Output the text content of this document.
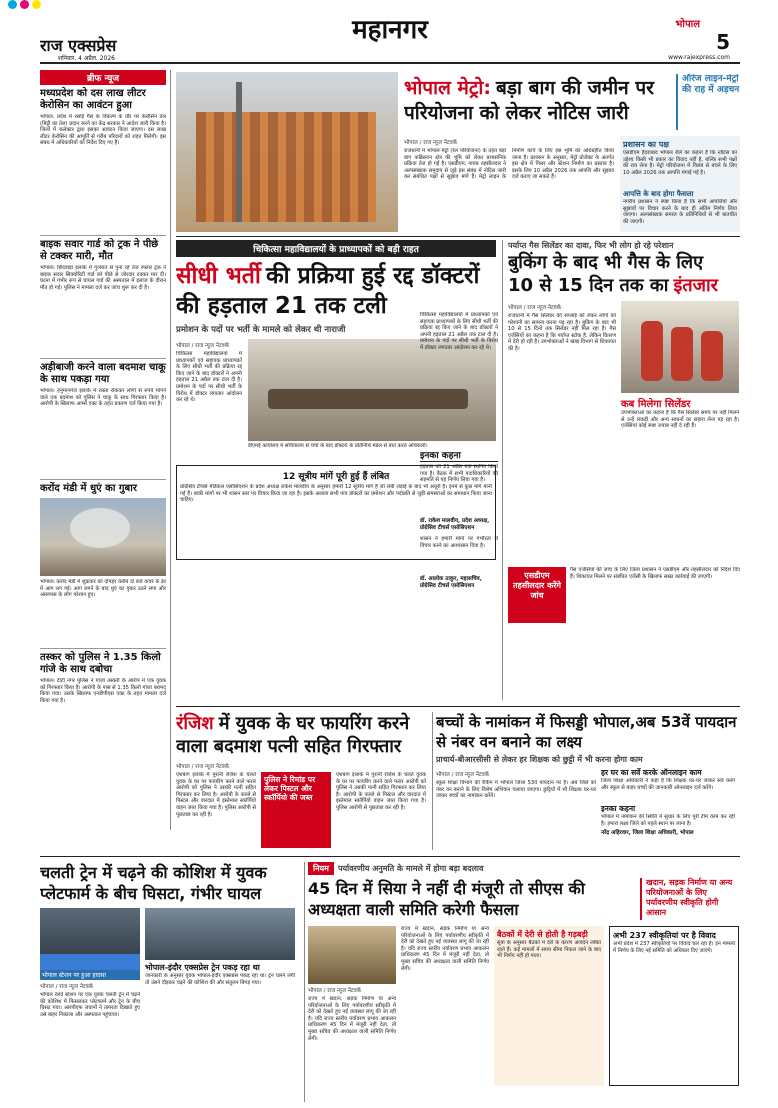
महानगर
राज एक्सप्रेस
शनिवार, 4 अप्रैल, 2026
भोपाल
5
www.rajexpress.com
ब्रीफ न्यूज
मध्यप्रदेश को दस लाख लीटर केरोसिन का आवंटन हुआ
भोपाल, प्रदेश में रसोई गैस के विकल्प के तौर पर केरोसिन तेल (मिट्टी का तेल) प्रदान करने का केंद्र सरकार ने आदेश जारी किया है। जिलों में कलेक्टर द्वारा इसका आवंटन किया जाएगा। दस लाख लीटर केरोसिन की आपूर्ति से गरीब परिवारों को राहत मिलेगी। इस संबंध में अधिकारियों को निर्देश दिए गए हैं।
बाइक सवार गार्ड को ट्रक ने पीछे से टक्कर मारी, मौत
भोपाल। छिंदवाड़ा इलाके में गुजरात से पुना रहे तेज रफ्तार ट्रक ने बाइक सवार सिक्योरिटी गार्ड को पीछे से जोरदार टक्कर मार दी। घटना में गंभीर रूप से घायल गार्ड की अस्पताल में इलाज के दौरान मौत हो गई। पुलिस ने मामला दर्ज कर जांच शुरू कर दी है।
अड़ीबाजी करने वाला बदमाश चाकू के साथ पकड़ा गया
भोपाल। हनुमानगंज इलाके में रास्ता रोककर लोगों से रुपये मांगने वाले एक बदमाश को पुलिस ने चाकू के साथ गिरफ्तार किया है। आरोपी के खिलाफ आर्म्स एक्ट के तहत प्रकरण दर्ज किया गया है।
करोंद मंडी में धुएं का गुबार
भोपाल। करोंद मंडी में शुक्रवार को दोपहर करीब दो बजे कचरे के ढेर में आग लग गई। आग लगने के बाद धुएं का गुबार उठने लगा और आसपास के लोग परेशान हुए।
तस्कर को पुलिस ने 1.35 किलो गांजे के साथ दबोचा
भोपाल। टीटी नगर पुलिस ने गांजा तस्करी के आरोप में एक युवक को गिरफ्तार किया है। आरोपी के पास से 1.35 किलो गांजा बरामद किया गया। उसके खिलाफ एनडीपीएस एक्ट के तहत मामला दर्ज किया गया है।
भोपाल मेट्रो: बड़ा बाग की जमीन पर परियोजना को लेकर नोटिस जारी
ऑरेंज लाइन-मेट्रो की राह में अड़चन
भोपाल / राज न्यूज नेटवर्क
राजधानी में भोपाल मेट्रो (रेल परियोजना) के तहत बड़ा बाग कब्रिस्तान क्षेत्र की भूमि को लेकर प्रशासनिक प्रक्रिया तेज हो गई है। एसडीएम, नायब तहसीलदार ने अल्पसंख्यक समुदाय से जुड़े इस संबंध में नोटिस जारी कर संबंधित पक्षों से सुझाव मांगे हैं। मेट्रो लाइन के निर्माण कार्य के लिए इस भूमि को अधिग्रहीत किया जाना है। प्रशासन के अनुसार, मेट्रो प्रोजेक्ट के अंतर्गत इस क्षेत्र में पिलर और स्टेशन निर्माण का प्रस्ताव है। इसके लिए 10 अप्रैल 2026 तक आपत्ति और सुझाव दर्ज कराए जा सकते हैं।
प्रशासन का पक्ष
एसडीएम हैदराबाद भोपाल रेलि का कहना है कि नोटिस का उद्देश्य किसी भी प्रकार का विवाद नहीं है, बल्कि सभी पक्षों की राय लेना है। मेट्रो परियोजना में विलंब से बचने के लिए 10 अप्रैल 2026 तक आपत्ति मंगाई गई है।
आपत्ति के बाद होगा फैसला
नगरीय प्रशासन ने स्पष्ट किया है कि सभी आपत्तियों और सुझावों पर विचार करने के बाद ही अंतिम निर्णय लिया जाएगा। अल्पसंख्यक समाज के प्रतिनिधियों से भी बातचीत की जाएगी।
चिकित्सा महाविद्यालयों के प्राध्यापकों को बड़ी राहत
सीधी भर्ती की प्रक्रिया हुई रद्द डॉक्टरों की हड़ताल 21 तक टली
प्रमोशन के पदों पर भर्ती के मामले को लेकर थी नाराजी
भोपाल / राज न्यूज नेटवर्क
चिकित्सा महाविद्यालयों में प्राध्यापकों एवं सहायक प्राध्यापकों के लिए सीधी भर्ती की प्रक्रिया रद्द किए जाने के बाद डॉक्टरों ने अपनी हड़ताल 21 अप्रैल तक टाल दी है। प्रमोशन के पदों पर सीधी भर्ती के विरोध में डॉक्टर लगातार आंदोलन कर रहे थे।
डीएमई कार्यालय में सचिवालय से चर्चा के बाद डॉक्टरों के प्रतिनिधि मंडल से बात करते अधिकारी।
12 सूत्रीय मांगें पूरी हुई हैं लंबित
प्रोग्रेसिव टीचर्स मेडिकल एसोसिएशन के प्रदेश अध्यक्ष राकेश मालवीय के अनुसार हमारी 12 सूत्रीय मांगें हैं जो लंबी लड़ाई के बाद भी अधूरी हैं। इनमें से कुछ मांगें मानी गई हैं। बाकी मांगों पर भी शासन स्तर पर विचार किया जा रहा है। इसके अलावा सभी पात्र डॉक्टरों का प्रमोशन और पदोन्नति से जुड़ी समस्याओं का समाधान किया जाना चाहिए।
चिकित्सा महाविद्यालयों में प्राध्यापकों एवं सहायक प्राध्यापकों के लिए सीधी भर्ती की प्रक्रिया रद्द किए जाने के बाद डॉक्टरों ने अपनी हड़ताल 21 अप्रैल तक टाल दी है। प्रमोशन के पदों पर सीधी भर्ती के विरोध में डॉक्टर लगातार आंदोलन कर रहे थे।
इनका कहना
हड़ताल को 21 अप्रैल तक स्थगित किया गया है। बैठक में सभी पदाधिकारियों की सहमति से यह निर्णय लिया गया है।
डॉ. राकेश मालवीय, प्रदेश अध्यक्ष, प्रोग्रेसिव टीचर्स एसोसिएशन
शासन ने हमारी मांगों पर गंभीरता से विचार करने का आश्वासन दिया है।
डॉ. आलोक ठाकुर, महासचिव, प्रोग्रेसिव टीचर्स एसोसिएशन
पर्याप्त गैस सिलेंडर का दावा, फिर भी लोग हो रहे परेशान
बुकिंग के बाद भी गैस के लिए
10 से 15 दिन तक का इंतजार
भोपाल / राज न्यूज नेटवर्क
राजधानी में गैस सिलेंडर की सप्लाई को लेकर लोगों को परेशानी का सामना करना पड़ रहा है। बुकिंग के बाद भी 10 से 15 दिनों तक सिलेंडर नहीं मिल रहा है। गैस एजेंसियों का कहना है कि पर्याप्त स्टॉक है, लेकिन वितरण में देरी हो रही है। उपभोक्ताओं ने खाद्य विभाग से शिकायत की है।
कब मिलेगा सिलेंडर
उपभोक्ताओं का कहना है कि गैस सिलेंडर समय पर नहीं मिलने से उन्हें लकड़ी और अन्य साधनों का सहारा लेना पड़ रहा है। एजेंसियां कोई स्पष्ट जवाब नहीं दे रही हैं।
एसडीएम तहसीलदार करेंगे जांच
गैस एजेंसियों की जांच के लिए जिला प्रशासन ने एसडीएम और तहसीलदार को निर्देश दिए हैं। शिकायत मिलने पर संबंधित एजेंसी के खिलाफ सख्त कार्रवाई की जाएगी।
रंजिश में युवक के घर फायरिंग करने वाला बदमाश पत्नी सहित गिरफ्तार
भोपाल / राज न्यूज नेटवर्क
ऐशबाग इलाके में पुरानी रंजिश के चलते युवक के घर पर फायरिंग करने वाले फरार आरोपी को पुलिस ने उसकी पत्नी सहित गिरफ्तार कर लिया है। आरोपी के कब्जे से पिस्टल और वारदात में इस्तेमाल स्कॉर्पियो वाहन जब्त किया गया है। पुलिस आरोपी से पूछताछ कर रही है।
पुलिस ने रिमांड पर लेकर पिस्टल और स्कॉर्पियो की जब्त
ऐशबाग इलाके में पुरानी रंजिश के चलते युवक के घर पर फायरिंग करने वाले फरार आरोपी को पुलिस ने उसकी पत्नी सहित गिरफ्तार कर लिया है। आरोपी के कब्जे से पिस्टल और वारदात में इस्तेमाल स्कॉर्पियो वाहन जब्त किया गया है। पुलिस आरोपी से पूछताछ कर रही है।
बच्चों के नामांकन में फिसड्डी भोपाल,अब 53वें पायदान से नंबर वन बनाने का लक्ष्य
प्राचार्य-बीआरसीसी से लेकर हर शिक्षक को छुट्टी में भी करना होगा काम
भोपाल / राज न्यूज नेटवर्क
स्कूल शिक्षा विभाग की रैंकिंग में भोपाल जिला 53वें पायदान पर है। अब जिले को नंबर वन बनाने के लिए विशेष अभियान चलाया जाएगा। छुट्टियों में भी शिक्षक घर-घर जाकर बच्चों का नामांकन करेंगे।
हर घर का सर्वे करके ऑनलाइन काम
जिला शिक्षा अधिकारी ने कहा है कि शिक्षक घर-घर जाकर सर्वे करेंगे और स्कूल से बाहर बच्चों की जानकारी ऑनलाइन दर्ज करेंगे।
इनका कहना
भोपाल में नामांकन की स्थिति में सुधार के लिए पूरी टीम काम कर रही है। हमारा लक्ष्य जिले को पहले स्थान पर लाना है।
नरेंद्र अहिरवार, जिला शिक्षा अधिकारी, भोपाल
चलती ट्रेन में चढ़ने की कोशिश में युवक प्लेटफार्म के बीच घिसटा, गंभीर घायल
भोपाल स्टेशन पर हुआ हादसा
भोपाल / राज न्यूज नेटवर्क
भोपाल रेलवे स्टेशन पर एक युवक चलती ट्रेन में चढ़ने की कोशिश में फिसलकर प्लेटफार्म और ट्रेन के बीच घिसट गया। आरपीएफ जवानों ने तत्परता दिखाते हुए उसे बाहर निकाला और अस्पताल पहुंचाया।
भोपाल-इंदौर एक्सप्रेस ट्रेन पकड़ रहा था
जानकारी के अनुसार युवक भोपाल-इंदौर एक्सप्रेस पकड़ रहा था। ट्रेन चलने लगी तो उसने दौड़कर चढ़ने की कोशिश की और संतुलन बिगड़ गया।
नियम	पर्यावरणीय अनुमति के मामले में होगा बड़ा बदलाव
45 दिन में सिया ने नहीं दी मंजूरी तो सीएस की अध्यक्षता वाली समिति करेगी फैसला
खदान, सड़क निर्माण या अन्य परियोजनाओं के लिए पर्यावरणीय स्वीकृति होगी आसान
भोपाल / राज न्यूज नेटवर्क
राज्य में खदान, सड़क निर्माण या अन्य परियोजनाओं के लिए पर्यावरणीय स्वीकृति में देरी को देखते हुए नई व्यवस्था लागू की जा रही है। यदि राज्य स्तरीय पर्यावरण प्रभाव आकलन प्राधिकरण 45 दिन में मंजूरी नहीं देता, तो मुख्य सचिव की अध्यक्षता वाली समिति निर्णय लेगी।
राज्य में खदान, सड़क निर्माण या अन्य परियोजनाओं के लिए पर्यावरणीय स्वीकृति में देरी को देखते हुए नई व्यवस्था लागू की जा रही है। यदि राज्य स्तरीय पर्यावरण प्रभाव आकलन प्राधिकरण 45 दिन में मंजूरी नहीं देता, तो मुख्य सचिव की अध्यक्षता वाली समिति निर्णय लेगी।
बैठकों में देरी से होती है गड़बड़ी
सूत्रों के अनुसार बैठकों में देरी के कारण आवेदन लंबित रहते हैं। कई मामलों में समय सीमा निकल जाने के बाद भी निर्णय नहीं हो पाता।
अभी 237 स्वीकृतियां पर है विवाद
अभी प्रदेश में 237 स्वीकृतियों पर विवाद चल रहा है। इन मामलों में निर्णय के लिए नई समिति को अधिकार दिए जाएंगे।
